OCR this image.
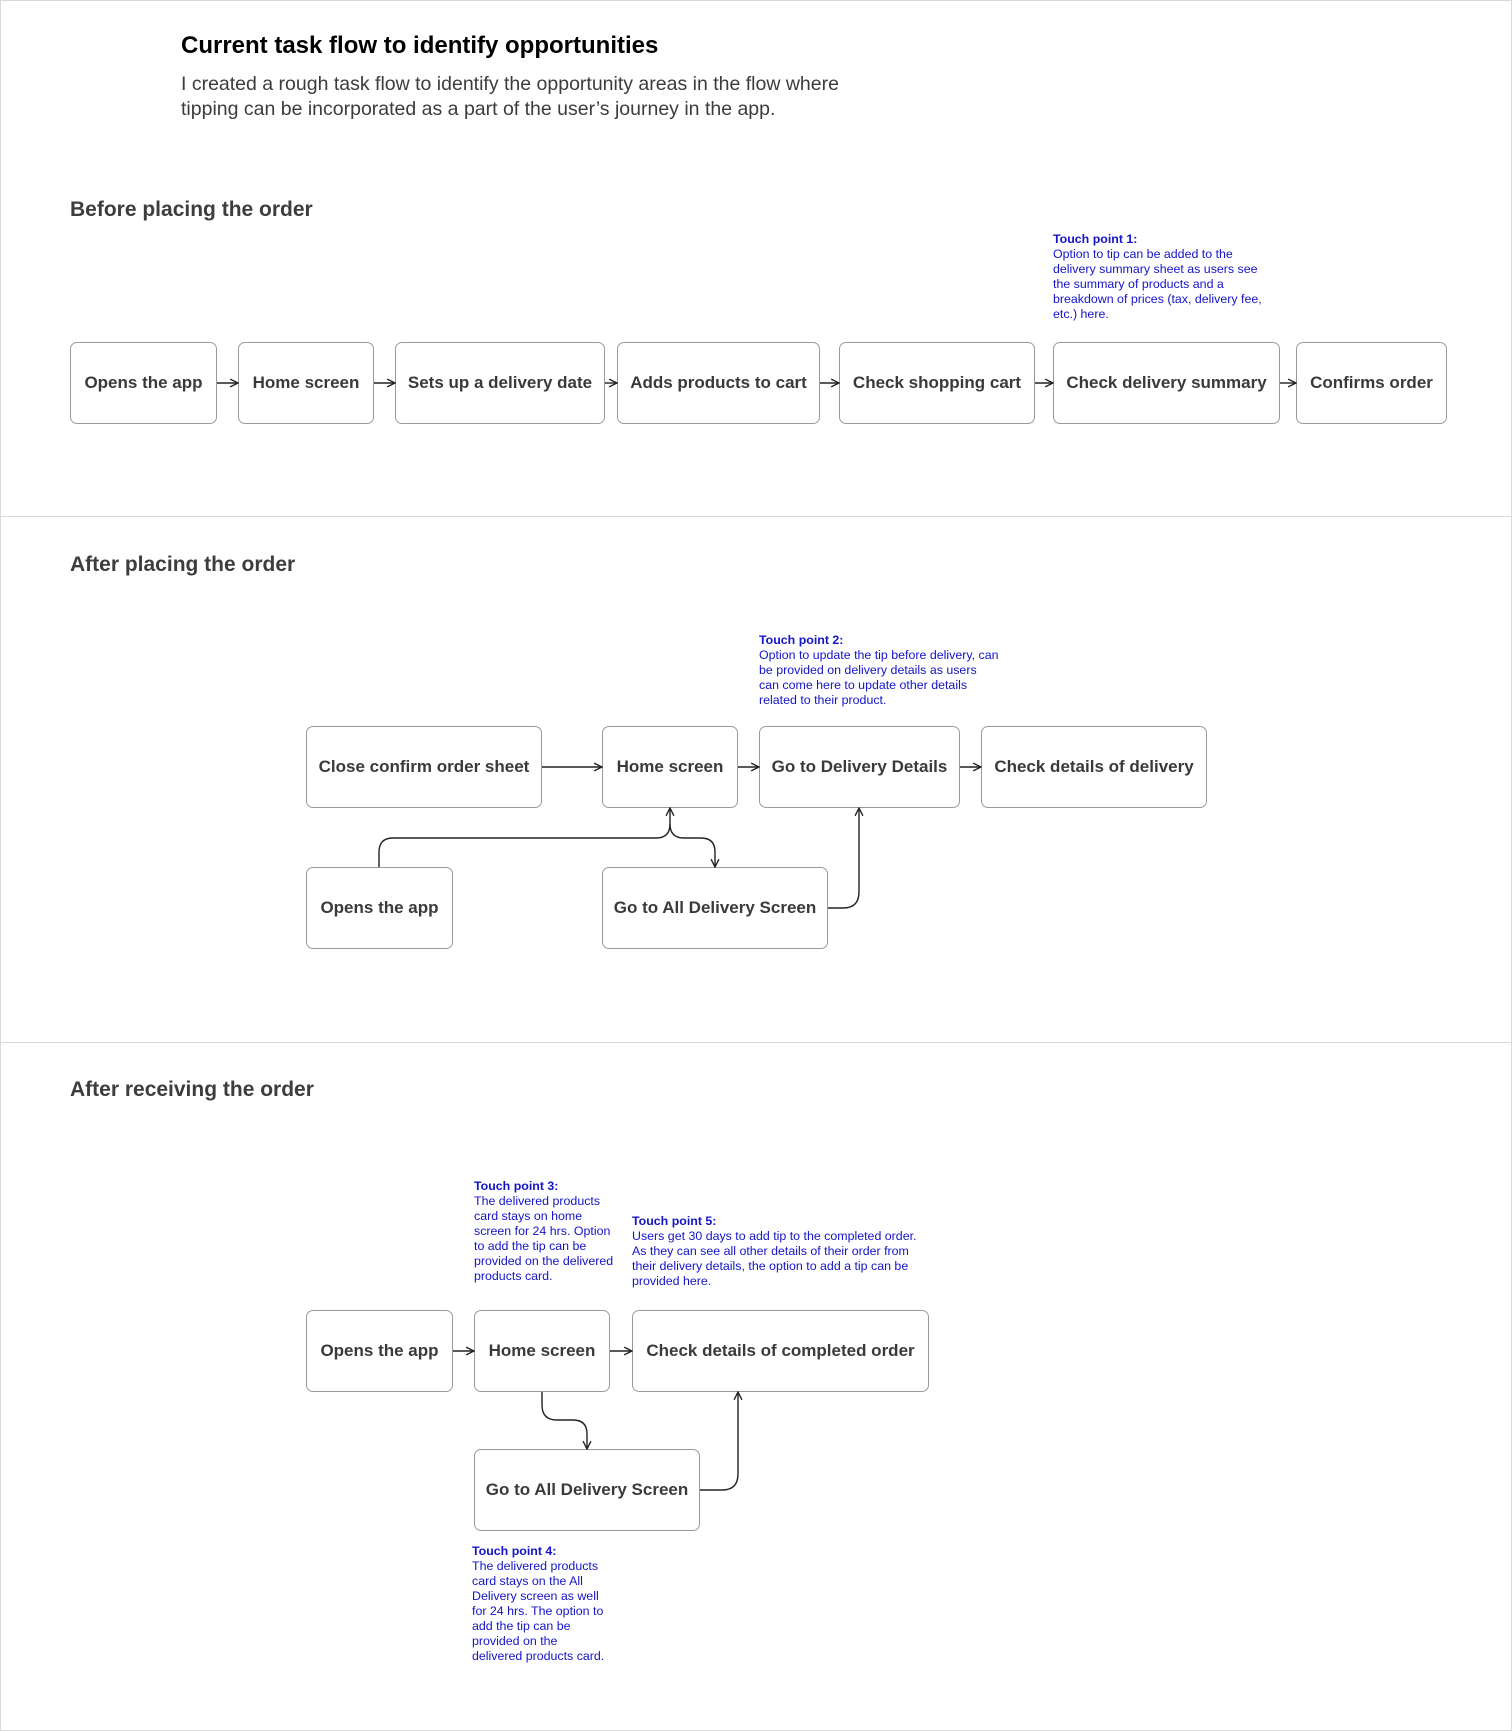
Current task flow to identify opportunities

I created a rough task flow to identify the opportunity areas in the flow where tipping can be incorporated as a part of the user’s journey in the app.

Before placing the order
Touch point 1:
Option to tip can be added to the delivery summary sheet as users see the summary of products and a breakdown of prices (tax, delivery fee, etc.) here.
Opens the app	Home screen	Sets up a delivery date	Adds products to cart	Check shopping cart	Check delivery summary	Confirms order
After placing the order
Touch point 2:
Option to update the tip before delivery, can be provided on delivery details as users can come here to update other details related to their product.
Close confirm order sheet	Home screen	Go to Delivery Details	Check details of delivery
Opens the app	Go to All Delivery Screen
After receiving the order
Touch point 3:
The delivered products card stays on home screen for 24 hrs. Option to add the tip can be provided on the delivered products card.
Touch point 5:
Users get 30 days to add tip to the completed order. As they can see all other details of their order from their delivery details, the option to add a tip can be provided here.
Opens the app	Home screen	Check details of completed order
Go to All Delivery Screen
Touch point 4:
The delivered products card stays on the All Delivery screen as well for 24 hrs. The option to add the tip can be provided on the delivered products card.
